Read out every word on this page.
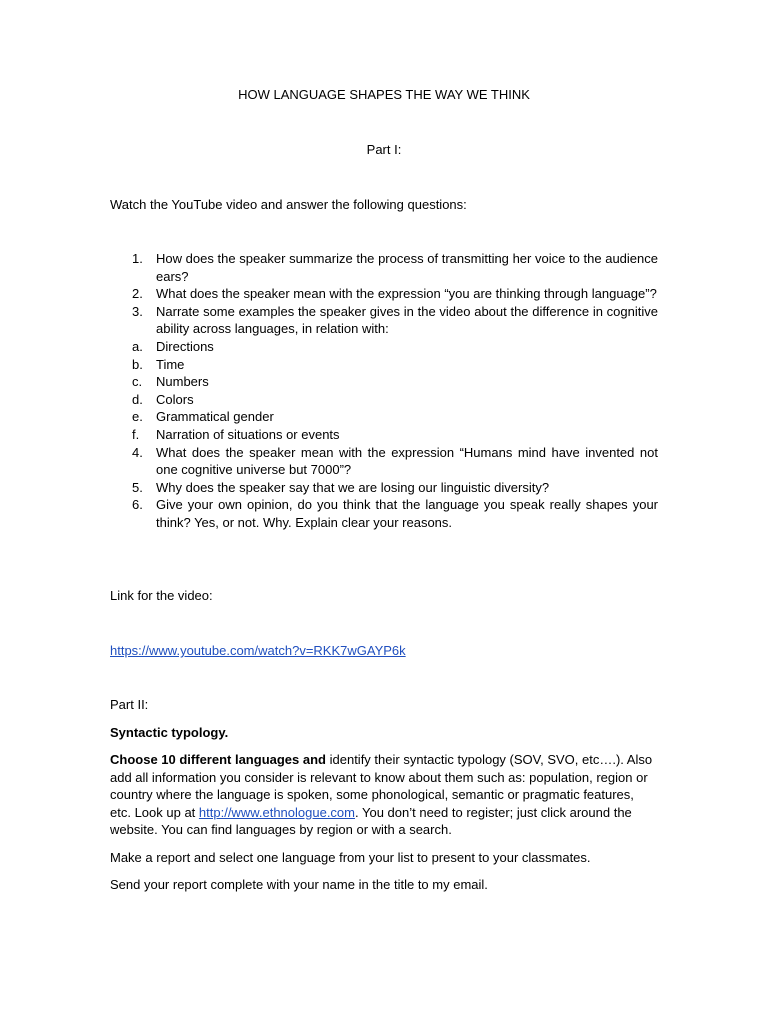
HOW LANGUAGE SHAPES THE WAY WE THINK
Part I:
Watch the YouTube video and answer the following questions:
1. How does the speaker summarize the process of transmitting her voice to the audience ears?
2. What does the speaker mean with the expression “you are thinking through language”?
3. Narrate some examples the speaker gives in the video about the difference in cognitive ability across languages, in relation with:
a. Directions
b. Time
c. Numbers
d. Colors
e. Grammatical gender
f. Narration of situations or events
4. What does the speaker mean with the expression “Humans mind have invented not one cognitive universe but 7000”?
5. Why does the speaker say that we are losing our linguistic diversity?
6. Give your own opinion, do you think that the language you speak really shapes your think? Yes, or not. Why. Explain clear your reasons.
Link for the video:
https://www.youtube.com/watch?v=RKK7wGAYP6k
Part II:
Syntactic typology.
Choose 10 different languages and identify their syntactic typology (SOV, SVO, etc….). Also add all information you consider is relevant to know about them such as: population, region or country where the language is spoken, some phonological, semantic or pragmatic features, etc. Look up at http://www.ethnologue.com. You don’t need to register; just click around the website. You can find languages by region or with a search.
Make a report and select one language from your list to present to your classmates.
Send your report complete with your name in the title to my email.
